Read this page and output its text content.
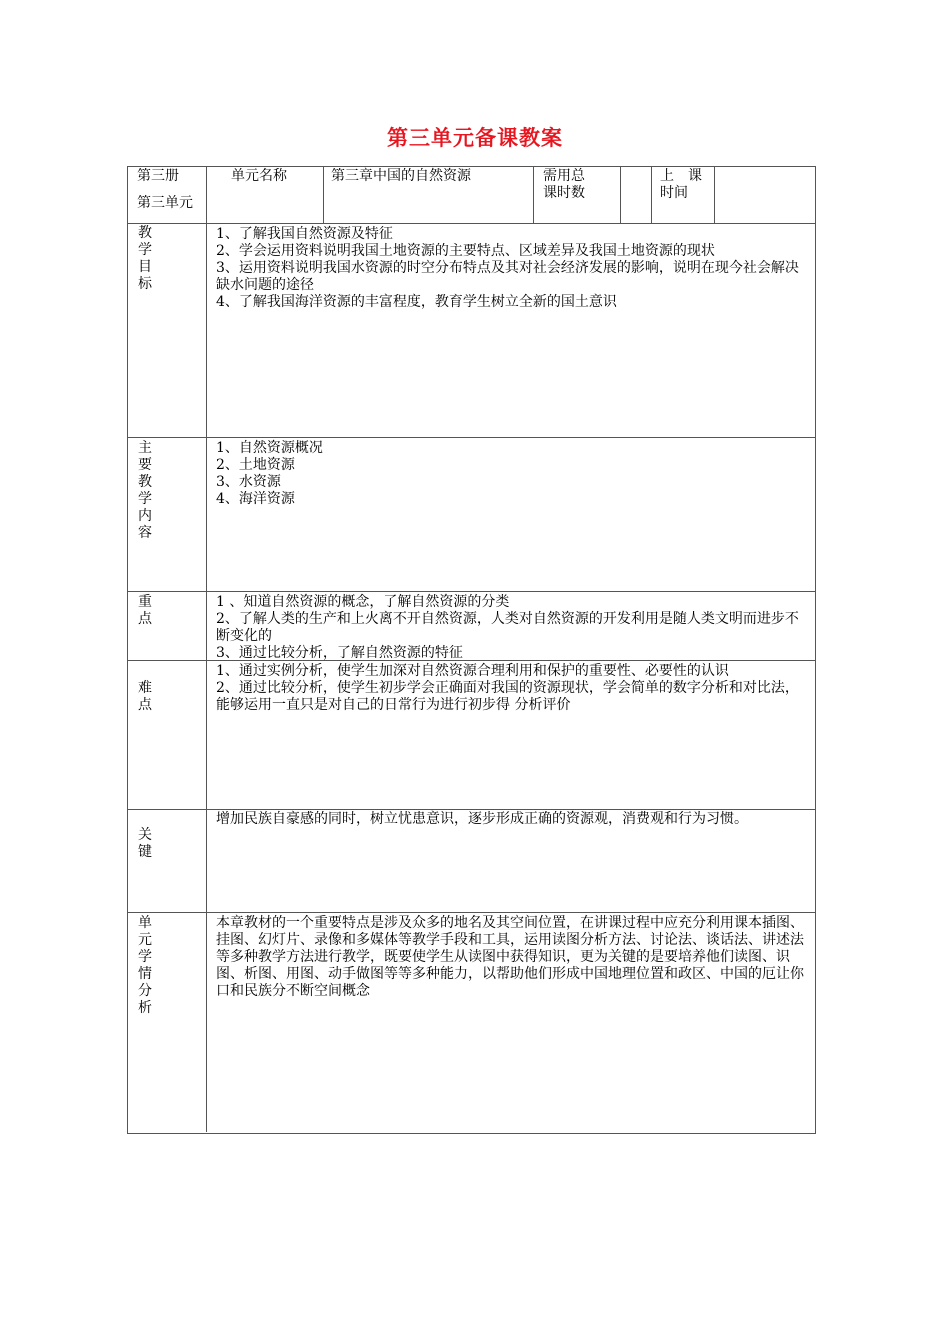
第三单元备课教案
第三册
第三单元
单元名称	第三章中国的自然资源	需用总
课时数
上　课
时间
教
学
目
标
1、了解我国自然资源及特征
2、学会运用资料说明我国土地资源的主要特点、区域差异及我国土地资源的现状
3、运用资料说明我国水资源的时空分布特点及其对社会经济发展的影响，说明在现今社会解决缺水问题的途径
4、了解我国海洋资源的丰富程度，教育学生树立全新的国土意识
主
要
教
学
内
容
1、自然资源概况
2、土地资源
3、水资源
4、海洋资源
重
点
1 、知道自然资源的概念，了解自然资源的分类
2、了解人类的生产和上火离不开自然资源，人类对自然资源的开发利用是随人类文明而进步不断变化的
3、通过比较分析，了解自然资源的特征
难
点
1、通过实例分析，使学生加深对自然资源合理利用和保护的重要性、必要性的认识
2、通过比较分析，使学生初步学会正确面对我国的资源现状，学会简单的数字分析和对比法，能够运用一直只是对自己的日常行为进行初步得 分析评价
关
键
增加民族自豪感的同时，树立忧患意识，逐步形成正确的资源观，消费观和行为习惯。
单
元
学
情
分
析
本章教材的一个重要特点是涉及众多的地名及其空间位置，在讲课过程中应充分利用课本插图、挂图、幻灯片、录像和多媒体等教学手段和工具，运用读图分析方法、讨论法、谈话法、讲述法等多种教学方法进行教学，既要使学生从读图中获得知识，更为关键的是要培养他们读图、识图、析图、用图、动手做图等等多种能力，以帮助他们形成中国地理位置和政区、中国的厄让你口和民族分不断空间概念
